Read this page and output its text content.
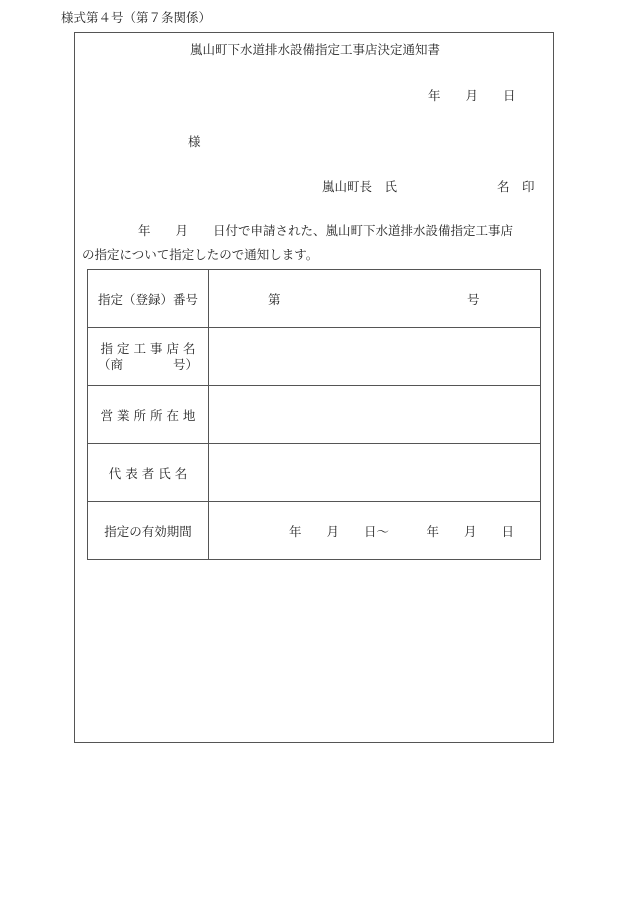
様式第４号（第７条関係）
嵐山町下水道排水設備指定工事店決定通知書
年　　月　　日
様
嵐山町長　氏　　　　　　　　名　印
年　　月　　日付で申請された、嵐山町下水道排水設備指定工事店
の指定について指定したので通知します。
指定（登録）番号	第 号

指 定 工 事 店 名
（商　　　　号）	
営 業 所 所 在 地	
代 表 者 氏 名	
指定の有効期間	年　　月　　日～　　　年　　月　　日
